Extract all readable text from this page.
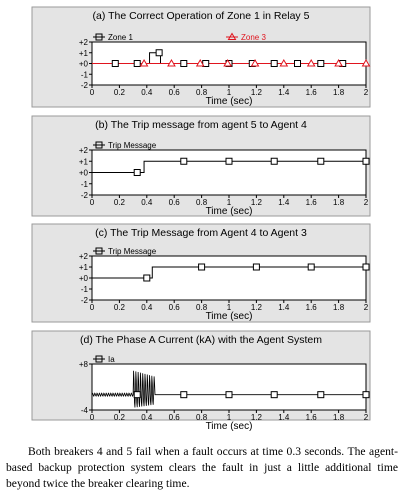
(a) The Correct Operation of Zone 1 in Relay 5
+2
+1
+0
-1
-2
0 0.2 0.4 0.6 0.8 1 1.2 1.4 1.6 1.8 2
Time (sec)
Zone 1	Zone 3
(b) The Trip message from agent 5 to Agent 4
+2
+1
+0
-1
-2
0 0.2 0.4 0.6 0.8 1 1.2 1.4 1.6 1.8 2
Time (sec)
Trip Message
(c) The Trip Message from Agent 4 to Agent 3
+2
+1
+0
-1
-2
0 0.2 0.4 0.6 0.8 1 1.2 1.4 1.6 1.8 2
Time (sec)
Trip Message
(d) The Phase A Current (kA) with the Agent System
+8
-4
0 0.2 0.4 0.6 0.8 1 1.2 1.4 1.6 1.8 2
Time (sec)
Ia
Both breakers 4 and 5 fail when a fault occurs at time 0.3 seconds. The agent-based backup protection system clears the fault in just a little additional time beyond twice the breaker clearing time.
